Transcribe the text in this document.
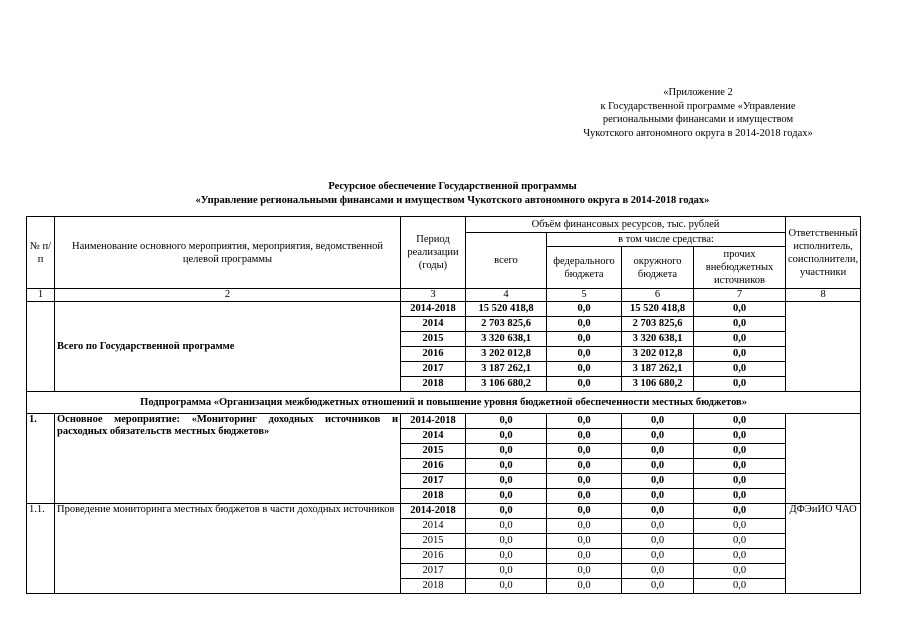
«Приложение 2
к Государственной программе «Управление
региональными финансами и имуществом
Чукотского автономного округа в 2014-2018 годах»
Ресурсное обеспечение Государственной программы
«Управление региональными финансами и имуществом Чукотского автономного округа в 2014-2018 годах»
№ п/п	Наименование основного мероприятия, мероприятия, ведомственной целевой программы	Период реализации (годы)	Объём финансовых ресурсов, тыс. рублей				Ответственный исполнитель, соисполнители, участники
			всего	в том числе средства:			
				федерального бюджета	окружного бюджета	прочих внебюджетных источников	
1	2	3	4	5	6	7	8
	Всего по Государственной программе	2014-2018	15 520 418,8	0,0	15 520 418,8	0,0	
		2014	2 703 825,6	0,0	2 703 825,6	0,0	
		2015	3 320 638,1	0,0	3 320 638,1	0,0	
		2016	3 202 012,8	0,0	3 202 012,8	0,0	
		2017	3 187 262,1	0,0	3 187 262,1	0,0	
		2018	3 106 680,2	0,0	3 106 680,2	0,0	
Подпрограмма «Организация межбюджетных отношений и повышение уровня бюджетной обеспеченности местных бюджетов»							
1.	Основное мероприятие: «Мониторинг доходных источников и расходных обязательств местных бюджетов»	2014-2018	0,0	0,0	0,0	0,0	
		2014	0,0	0,0	0,0	0,0	
		2015	0,0	0,0	0,0	0,0	
		2016	0,0	0,0	0,0	0,0	
		2017	0,0	0,0	0,0	0,0	
		2018	0,0	0,0	0,0	0,0	
1.1.	Проведение мониторинга местных бюджетов в части доходных источников	2014-2018	0,0	0,0	0,0	0,0	ДФЭиИО ЧАО
		2014	0,0	0,0	0,0	0,0	
		2015	0,0	0,0	0,0	0,0	
		2016	0,0	0,0	0,0	0,0	
		2017	0,0	0,0	0,0	0,0	
		2018	0,0	0,0	0,0	0,0	
